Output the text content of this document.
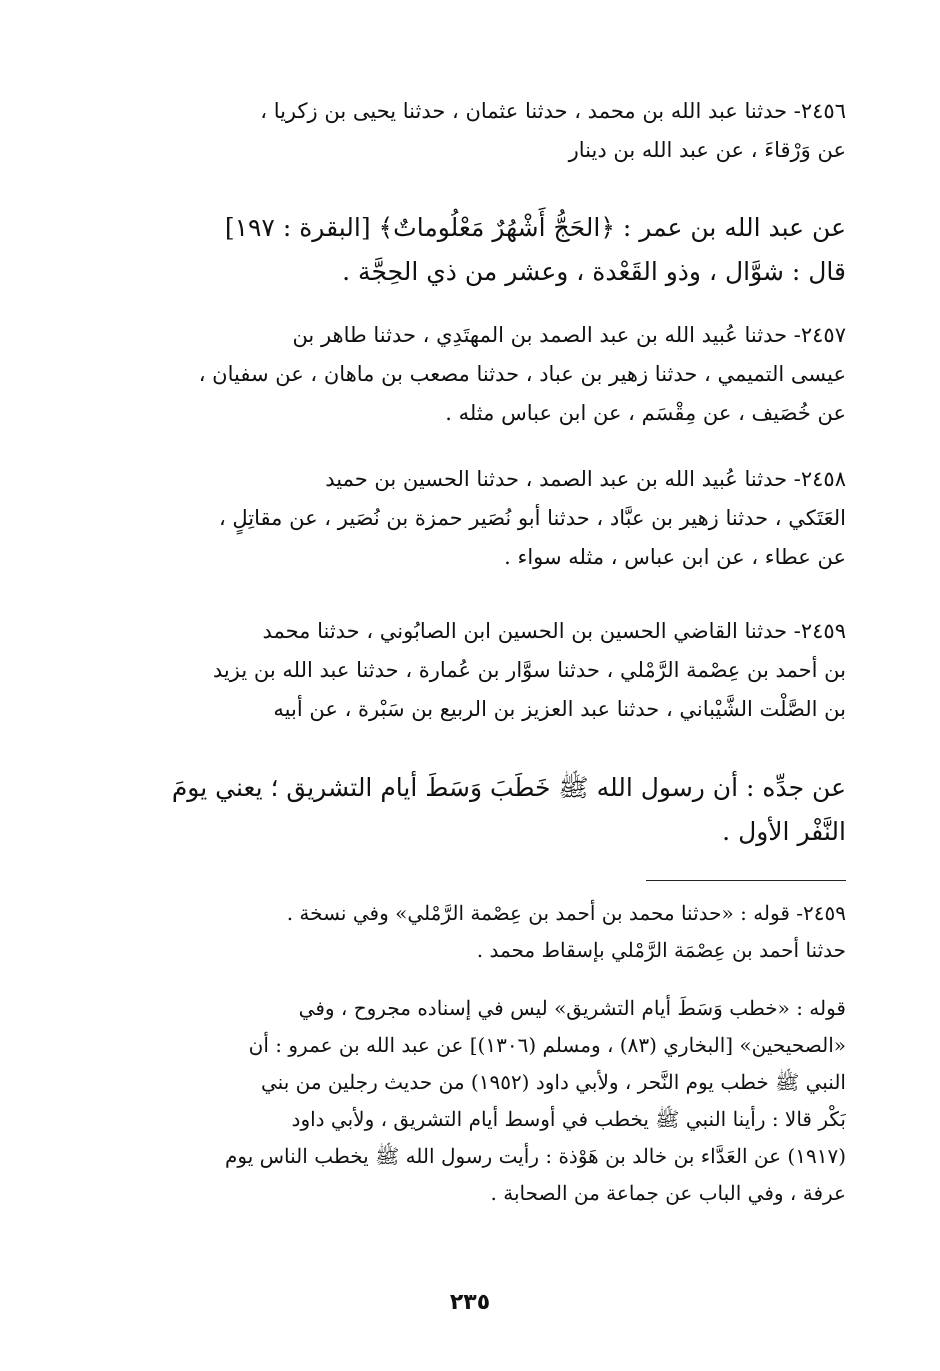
٢٤٥٦- حدثنا عبد الله بن محمد ، حدثنا عثمان ، حدثنا يحيى بن زكريا ،
عن وَرْقاءَ ، عن عبد الله بن دينار
عن عبد الله بن عمر : ﴿الحَجُّ أَشْهُرٌ مَعْلُوماتٌ﴾ [البقرة : ١٩٧]
قال : شوَّال ، وذو القَعْدة ، وعشر من ذي الحِجَّة .
٢٤٥٧- حدثنا عُبيد الله بن عبد الصمد بن المهتَدِي ، حدثنا طاهر بن
عيسى التميمي ، حدثنا زهير بن عباد ، حدثنا مصعب بن ماهان ، عن سفيان ،
عن خُصَيف ، عن مِقْسَم ، عن ابن عباس مثله .
٢٤٥٨- حدثنا عُبيد الله بن عبد الصمد ، حدثنا الحسين بن حميد
العَتَكي ، حدثنا زهير بن عبَّاد ، حدثنا أبو نُصَير حمزة بن نُصَير ، عن مقاتِلٍ ،
عن عطاء ، عن ابن عباس ، مثله سواء .
٢٤٥٩- حدثنا القاضي الحسين بن الحسين ابن الصابُوني ، حدثنا محمد
بن أحمد بن عِصْمة الرَّمْلي ، حدثنا سوَّار بن عُمارة ، حدثنا عبد الله بن يزيد
بن الصَّلْت الشَّيْباني ، حدثنا عبد العزيز بن الربيع بن سَبْرة ، عن أبيه
عن جدِّه : أن رسول الله ﷺ خَطَبَ وَسَطَ أيام التشريق ؛ يعني يومَ
النَّفْر الأول .
٢٤٥٩- قوله : «حدثنا محمد بن أحمد بن عِصْمة الرَّمْلي» وفي نسخة .
حدثنا أحمد بن عِصْمَة الرَّمْلي بإسقاط محمد .
قوله : «خطب وَسَطَ أيام التشريق» ليس في إسناده مجروح ، وفي
«الصحيحين» [البخاري (٨٣) ، ومسلم (١٣٠٦)] عن عبد الله بن عمرو : أن
النبي ﷺ خطب يوم النَّحر ، ولأبي داود (١٩٥٢) من حديث رجلين من بني
بَكْر قالا : رأينا النبي ﷺ يخطب في أوسط أيام التشريق ، ولأبي داود
(١٩١٧) عن العَدَّاء بن خالد بن هَوْذة : رأيت رسول الله ﷺ يخطب الناس يوم
عرفة ، وفي الباب عن جماعة من الصحابة .
٢٣٥
